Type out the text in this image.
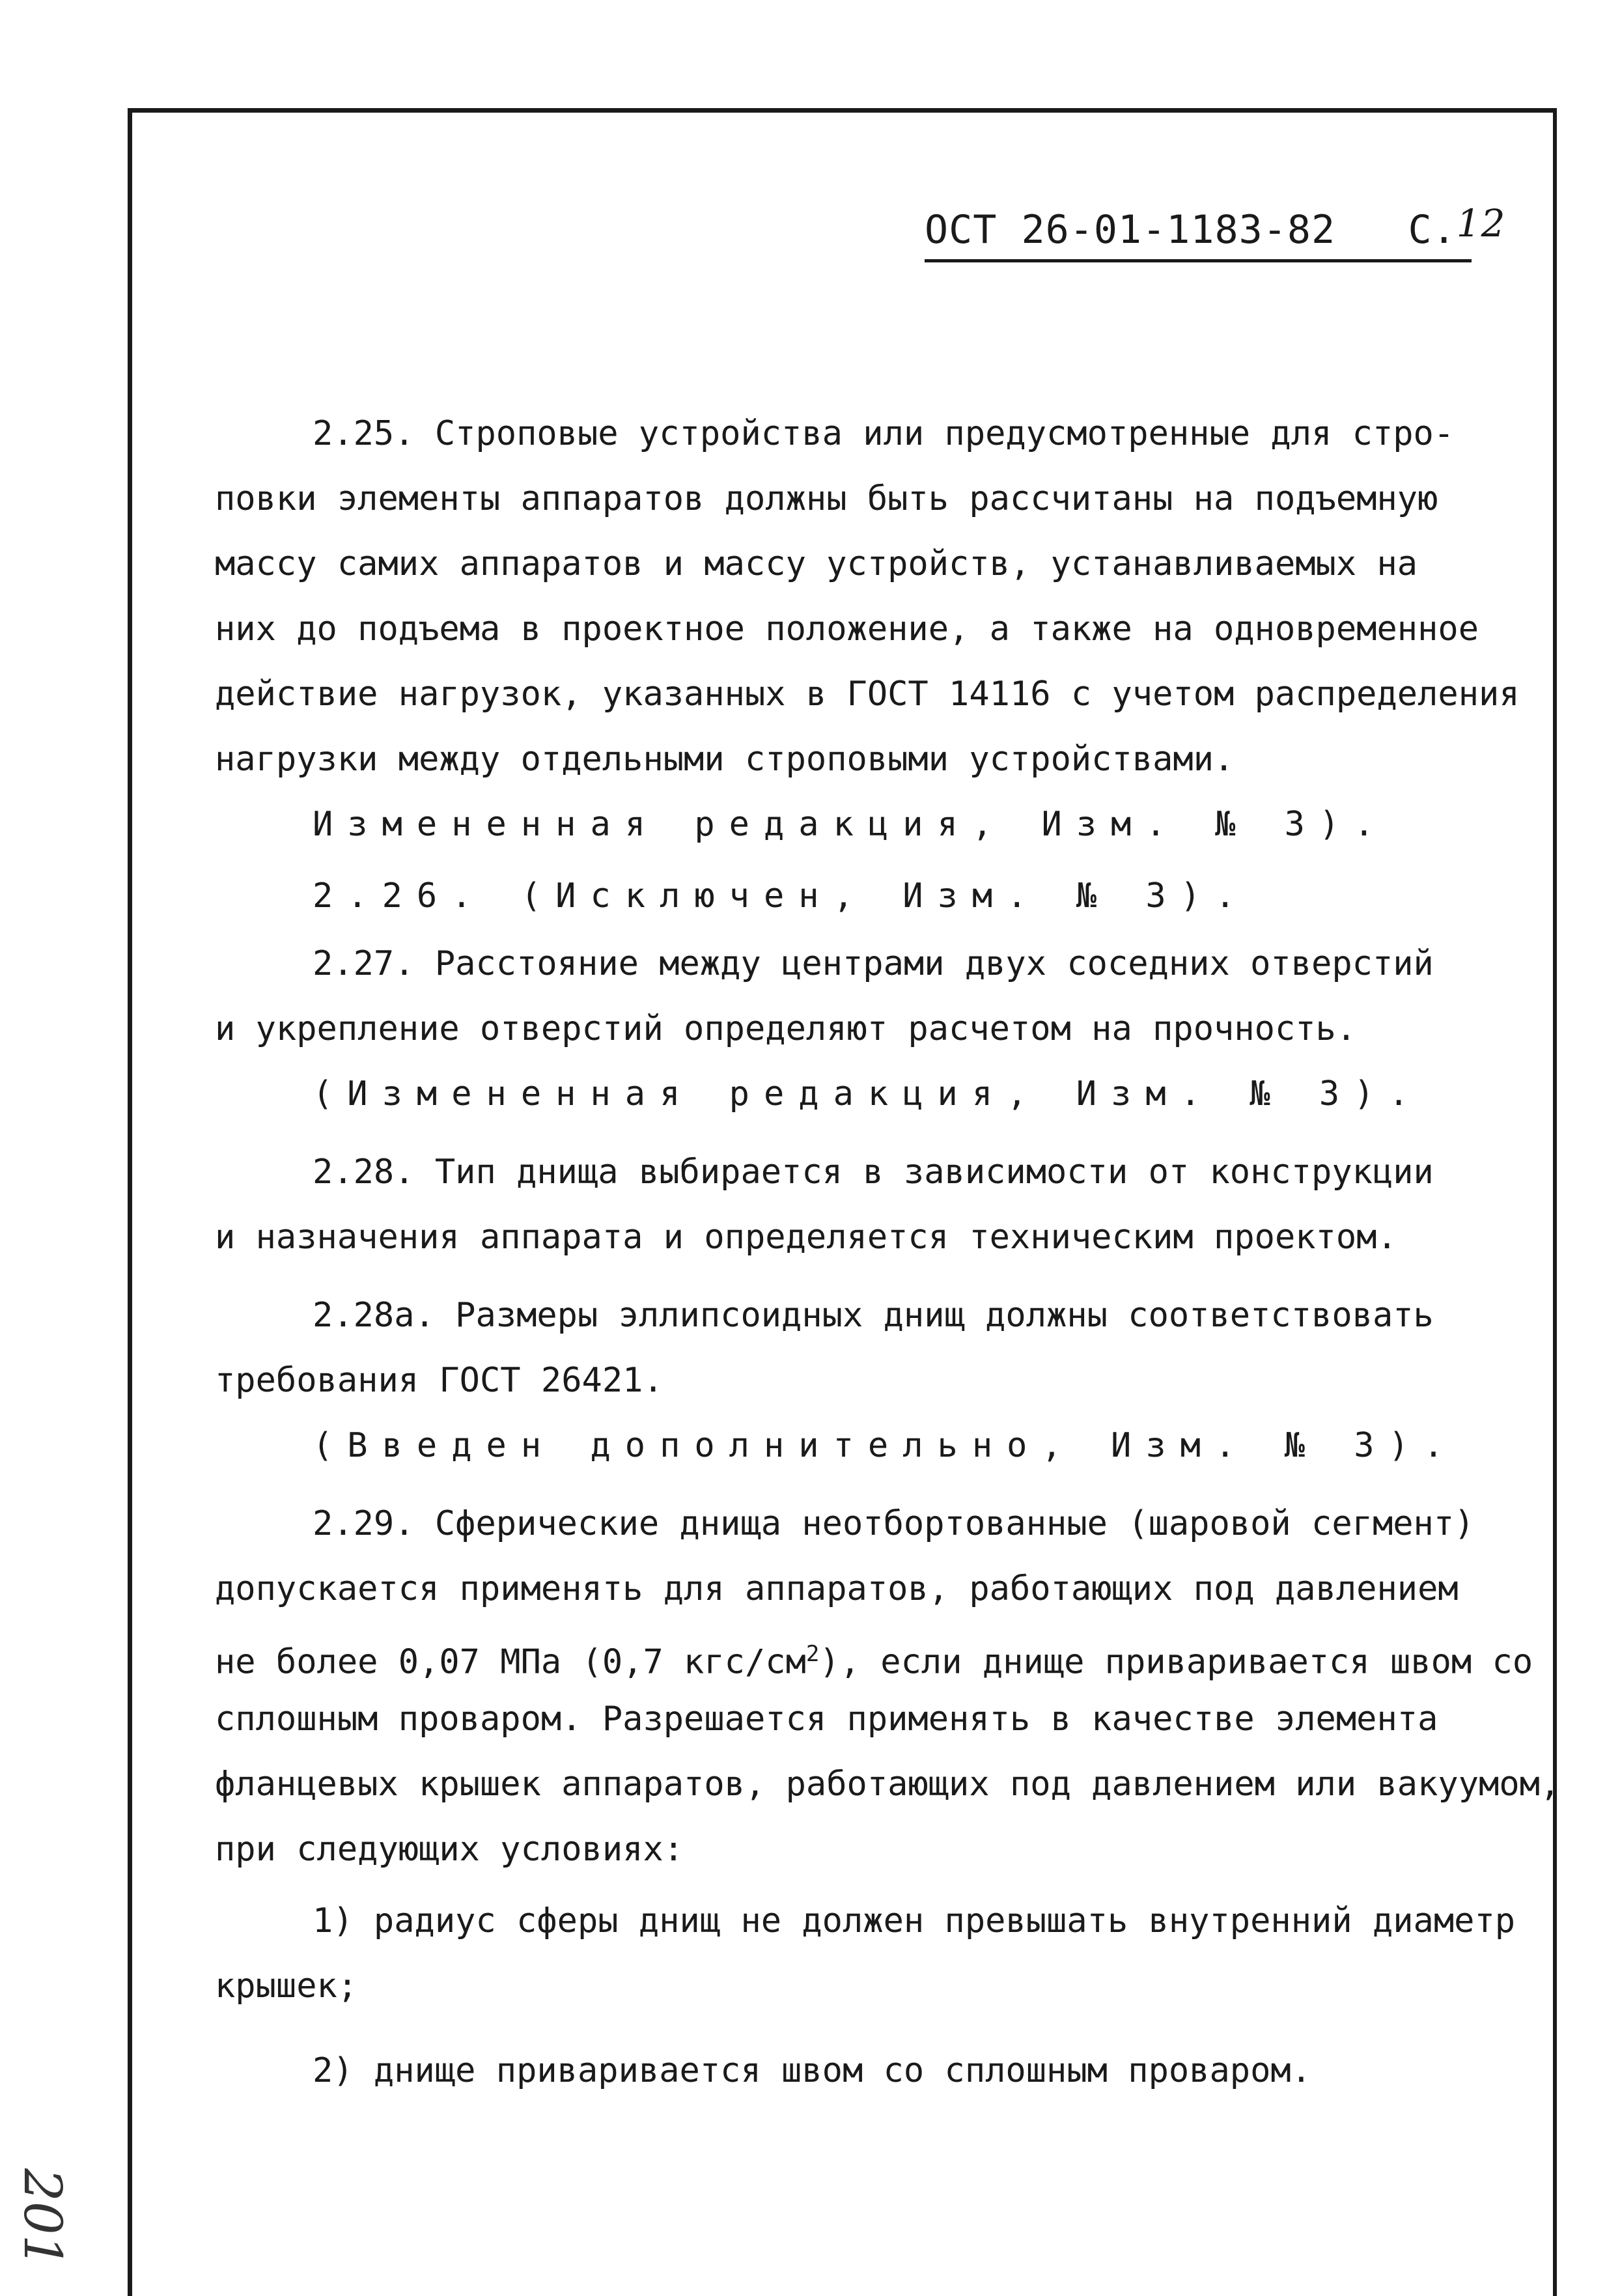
ОСТ 26-01-1183-82 С.12
2.25. Строповые устройства или предусмотренные для стро-
повки элементы аппаратов должны быть рассчитаны на подъемную
массу самих аппаратов и массу устройств, устанавливаемых на
них до подъема в проектное положение, а также на одновременное
действие нагрузок, указанных в ГОСТ 14116 с учетом распределения
нагрузки между отдельными строповыми устройствами.
Измененная редакция, Изм. № 3).
2.26. (Исключен, Изм. № 3).
2.27. Расстояние между центрами двух соседних отверстий
и укрепление отверстий определяют расчетом на прочность.
(Измененная редакция, Изм. № 3).
2.28. Тип днища выбирается в зависимости от конструкции
и назначения аппарата и определяется техническим проектом.
2.28а. Размеры эллипсоидных днищ должны соответствовать
требования ГОСТ 26421.
(Введен дополнительно, Изм. № 3).
2.29. Сферические днища неотбортованные (шаровой сегмент)
допускается применять для аппаратов, работающих под давлением
не более 0,07 МПа (0,7 кгс/$см^2$), если днище приваривается швом со
сплошным проваром. Разрешается применять в качестве элемента
фланцевых крышек аппаратов, работающих под давлением или вакуумом,
при следующих условиях:
1) радиус сферы днищ не должен превышать внутренний диаметр
крышек;
2) днище приваривается швом со сплошным проваром.
201
